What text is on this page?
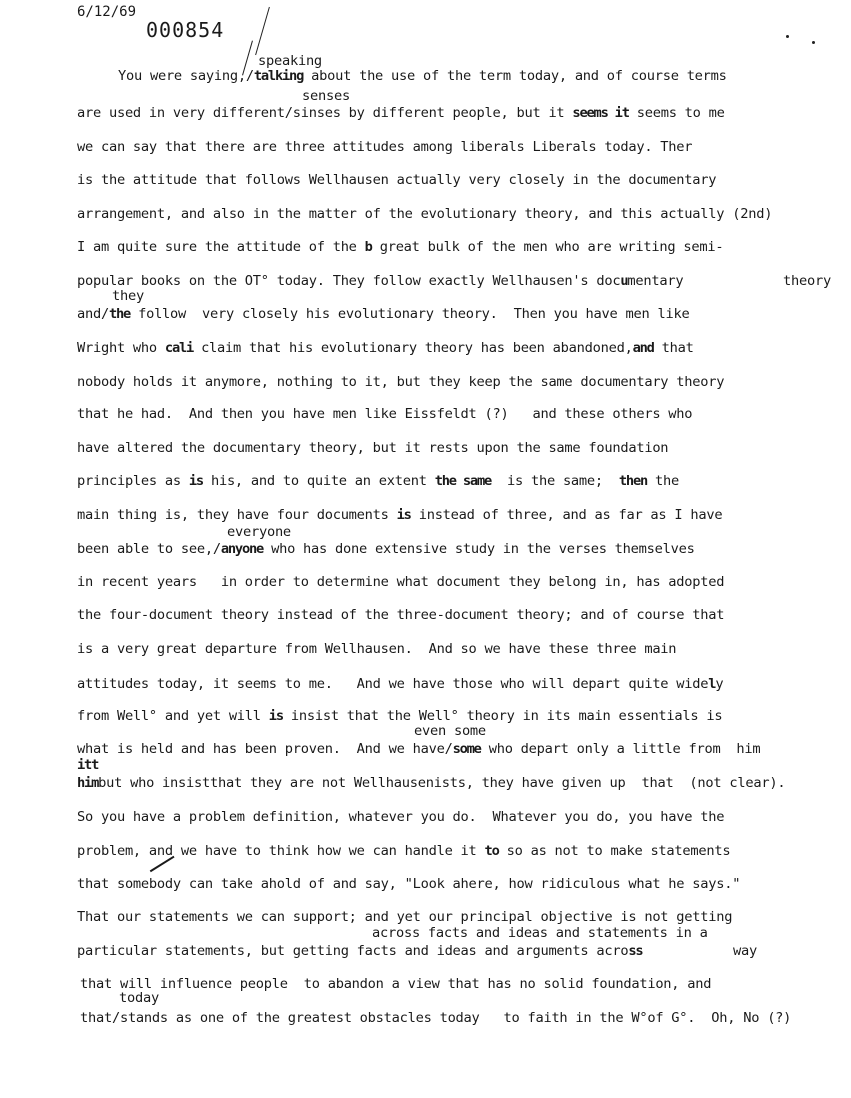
6/12/69
000854
speaking
senses
they
everyone
even some
itt
across facts and ideas and statements in a
today
You were saying,/talking about the use of the term today, and of course terms
are used in very different/sinses by different people, but it seems it seems to me
we can say that there are three attitudes among liberals Liberals today. Ther
is the attitude that follows Wellhausen actually very closely in the documentary
arrangement, and also in the matter of the evolutionary theory, and this actually (2nd)
I am quite sure the attitude of the b great bulk of the men who are writing semi-
popular books on the OT° today. They follow exactly Wellhausen's documentary	theory
and/the follow  very closely his evolutionary theory.  Then you have men like
Wright who cali claim that his evolutionary theory has been abandoned,and that
nobody holds it anymore, nothing to it, but they keep the same documentary theory
that he had.  And then you have men like Eissfeldt (?)   and these others who
have altered the documentary theory, but it rests upon the same foundation
principles as is his, and to quite an extent the same  is the same;  then the
main thing is, they have four documents is instead of three, and as far as I have
been able to see,/anyone who has done extensive study in the verses themselves
in recent years   in order to determine what document they belong in, has adopted
the four-document theory instead of the three-document theory; and of course that
is a very great departure from Wellhausen.  And so we have these three main
attitudes today, it seems to me.   And we have those who will depart quite widely
from Well° and yet will is insist that the Well° theory in its main essentials is
what is held and has been proven.  And we have/some who depart only a little from  him
himbut who insistthat they are not Wellhausenists, they have given up  that  (not clear).
So you have a problem definition, whatever you do.  Whatever you do, you have the
problem, and we have to think how we can handle it to so as not to make statements
that somebody can take ahold of and say, "Look ahere, how ridiculous what he says."
That our statements we can support; and yet our principal objective is not getting
particular statements, but getting facts and ideas and arguments across	way
that will influence people  to abandon a view that has no solid foundation, and
that/stands as one of the greatest obstacles today   to faith in the W°of G°.  Oh, No (?)
